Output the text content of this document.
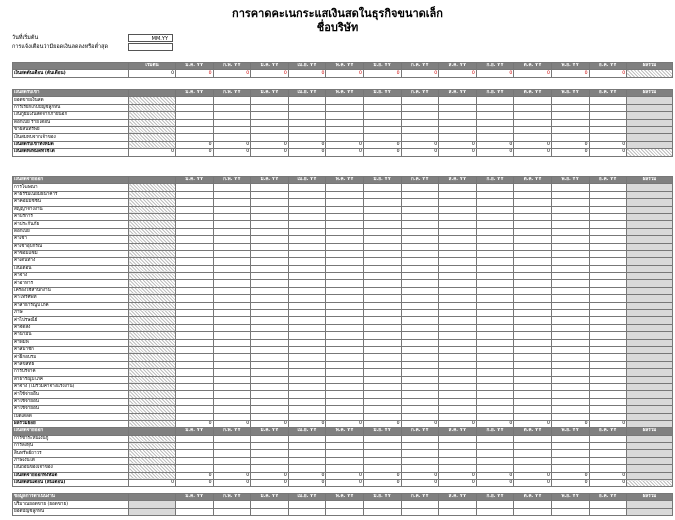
การคาดคะเนกระแสเงินสดในธุรกิจขนาดเล็ก
ชื่อบริษัท
วันที่เริ่มต้น	MM.YY
การแจ้งเตือนว่ามียอดเงินลดลงหรือต่ำสุด
	เริ่มต้น	ม.ค. YY	ก.พ. YY	มี.ค. YY	เม.ย. YY	พ.ค. YY	มิ.ย. YY	ก.ค. YY	ส.ค. YY	ก.ย. YY	ต.ค. YY	พ.ย. YY	ธ.ค. YY	ผลรวม
เงินสดต้นเดือน (ต้นเดือน)	0	0	0	0	0	0	0	0	0	0	0	0	0	
เงินสดรับเข้า		ม.ค. YY	ก.พ. YY	มี.ค. YY	เม.ย. YY	พ.ค. YY	มิ.ย. YY	ก.ค. YY	ส.ค. YY	ก.ย. YY	ต.ค. YY	พ.ย. YY	ธ.ค. YY	ผลรวม
ยอดขายเงินสด														
การเรียกเก็บบัญชีลูกหนี้														
เงินกู้ยืมเงินสดจากภายนอก														
ดอกเบี้ย รายได้อื่น														
ขายสินทรัพย์														
เงินสมทบจากเจ้าของ														
เงินสดรับเข้าทั้งหมด		0	0	0	0	0	0	0	0	0	0	0	0	
เงินสดทั้งหมดที่ใช้ได้	0	0	0	0	0	0	0	0	0	0	0	0	0	
เงินสดจ่ายออก		ม.ค. YY	ก.พ. YY	มี.ค. YY	เม.ย. YY	พ.ค. YY	มิ.ย. YY	ก.ค. YY	ส.ค. YY	ก.ย. YY	ต.ค. YY	พ.ย. YY	ธ.ค. YY	ผลรวม
การโฆษณา														
ค่าธรรมเนียมธนาคาร														
ค่าคอมมิชชั่น														
สัญญาจ้างงาน														
ค่าบริการ														
ค่าประกันภัย														
ดอกเบี้ย														
ค่าเช่า														
ค่าเช่าอุปกรณ์														
ค่าซ่อมแซม														
ค่าเดินทาง														
เงินเดือน														
ค่าจ้าง														
ค่าอาหาร														
เครื่องใช้สำนักงาน														
ค่าโทรศัพท์														
ค่าสาธารณูปโภค														
ภาษี														
ค่าไปรษณีย์														
ค่าจัดส่ง														
ค่าน้ำมัน														
ค่าพิมพ์														
ค่าสมาชิก														
ค่าฝึกอบรม														
ค่าลิขสิทธิ์														
การบริจาค														
สาธารณูปโภค														
ค่าจ้าง (ไม่รวมค่าจ้างแรงงาน)														
ค่าใช้จ่ายอื่น														
ค่าใช้จ่ายอื่น														
ค่าใช้จ่ายอื่น														
เบ็ดเตล็ด														
ผลรวมย่อย		0	0	0	0	0	0	0	0	0	0	0	0	
เงินสดจ่ายออก		ม.ค. YY	ก.พ. YY	มี.ค. YY	เม.ย. YY	พ.ค. YY	มิ.ย. YY	ก.ค. YY	ส.ค. YY	ก.ย. YY	ต.ค. YY	พ.ย. YY	ธ.ค. YY	ผลรวม
การชำระหนี้เงินกู้														
การลงทุน														
สินทรัพย์ถาวร														
ภาษีเงินได้														
เงินถอนของเจ้าของ														
เงินสดจ่ายออกทั้งหมด		0	0	0	0	0	0	0	0	0	0	0	0	
เงินสดสิ้นเดือน (สิ้นเดือน)	0	0	0	0	0	0	0	0	0	0	0	0	0	
ข้อมูลการดำเนินงาน		ม.ค. YY	ก.พ. YY	มี.ค. YY	เม.ย. YY	พ.ค. YY	มิ.ย. YY	ก.ค. YY	ส.ค. YY	ก.ย. YY	ต.ค. YY	พ.ย. YY	ธ.ค. YY	ผลรวม
ปริมาณยอดขาย (ยอดขาย)														
ยอดบัญชีลูกหนี้														
